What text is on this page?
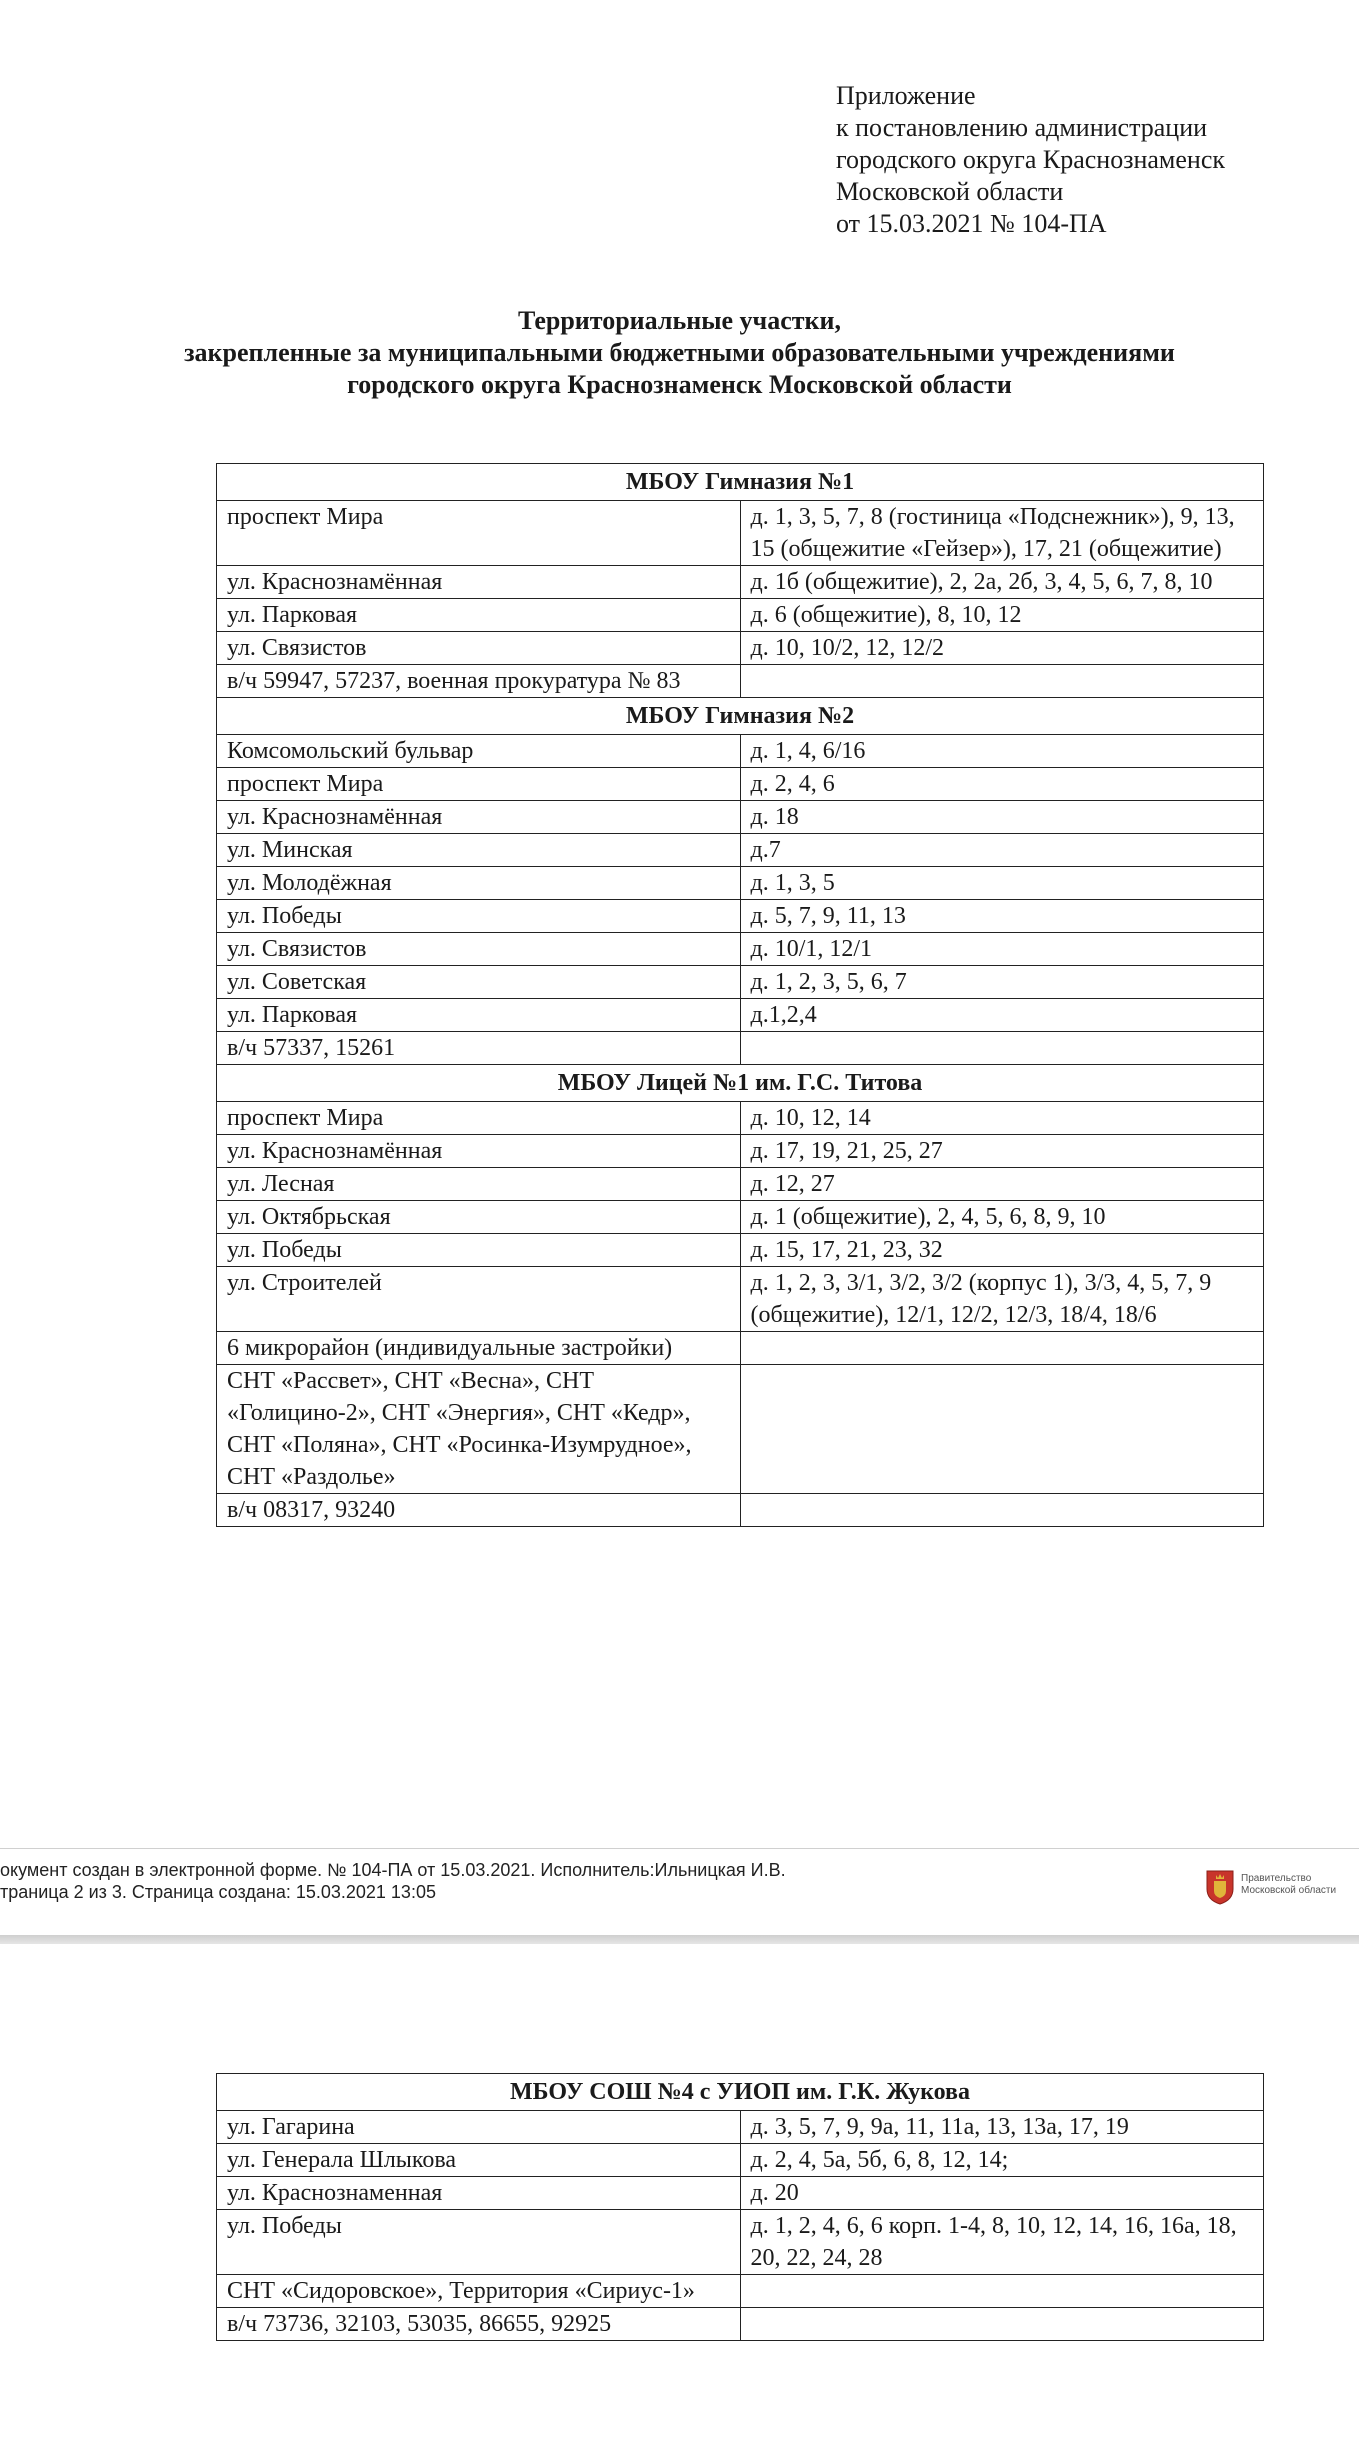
Приложение
к постановлению администрации
городского округа Краснознаменск
Московской области
от 15.03.2021 № 104-ПА
Территориальные участки,
закрепленные за муниципальными бюджетными образовательными учреждениями
городского округа Краснознаменск Московской области
МБОУ Гимназия №1	
проспект Мира	д. 1, 3, 5, 7, 8 (гостиница «Подснежник»), 9, 13, 15 (общежитие «Гейзер»), 17, 21 (общежитие)
ул. Краснознамённая	д. 1б (общежитие), 2, 2а, 2б, 3, 4, 5, 6, 7, 8, 10
ул. Парковая	д. 6 (общежитие), 8, 10, 12
ул. Связистов	д. 10, 10/2, 12, 12/2
в/ч 59947, 57237, военная прокуратура № 83	
МБОУ Гимназия №2	
Комсомольский бульвар	д. 1, 4, 6/16
проспект Мира	д. 2, 4, 6
ул. Краснознамённая	д. 18
ул. Минская	д.7
ул. Молодёжная	д. 1, 3, 5
ул. Победы	д. 5, 7, 9, 11, 13
ул. Связистов	д. 10/1, 12/1
ул. Советская	д. 1, 2, 3, 5, 6, 7
ул. Парковая	д.1,2,4
в/ч 57337, 15261	
МБОУ Лицей №1 им. Г.С. Титова	
проспект Мира	д. 10, 12, 14
ул. Краснознамённая	д. 17, 19, 21, 25, 27
ул. Лесная	д. 12, 27
ул. Октябрьская	д. 1 (общежитие), 2, 4, 5, 6, 8, 9, 10
ул. Победы	д. 15, 17, 21, 23, 32
ул. Строителей	д. 1, 2, 3, 3/1, 3/2, 3/2 (корпус 1), 3/3, 4, 5, 7, 9 (общежитие), 12/1, 12/2, 12/3, 18/4, 18/6
6 микрорайон (индивидуальные застройки)	
СНТ «Рассвет», СНТ «Весна», СНТ «Голицино-2», СНТ «Энергия», СНТ «Кедр», СНТ «Поляна», СНТ «Росинка-Изумрудное», СНТ «Раздолье»	
в/ч 08317, 93240	
окумент создан в электронной форме. № 104-ПА от 15.03.2021. Исполнитель:Ильницкая И.В.
траница 2 из 3. Страница создана: 15.03.2021 13:05
Правительство
Московской области
МБОУ СОШ №4 с УИОП им. Г.К. Жукова	
ул. Гагарина	д. 3, 5, 7, 9, 9а, 11, 11а, 13, 13а, 17, 19
ул. Генерала Шлыкова	д. 2, 4, 5а, 5б, 6, 8, 12, 14;
ул. Краснознаменная	д. 20
ул. Победы	д. 1, 2, 4, 6, 6 корп. 1-4, 8, 10, 12, 14, 16, 16а, 18, 20, 22, 24, 28
СНТ «Сидоровское», Территория «Сириус-1»	
в/ч 73736, 32103, 53035, 86655, 92925	
